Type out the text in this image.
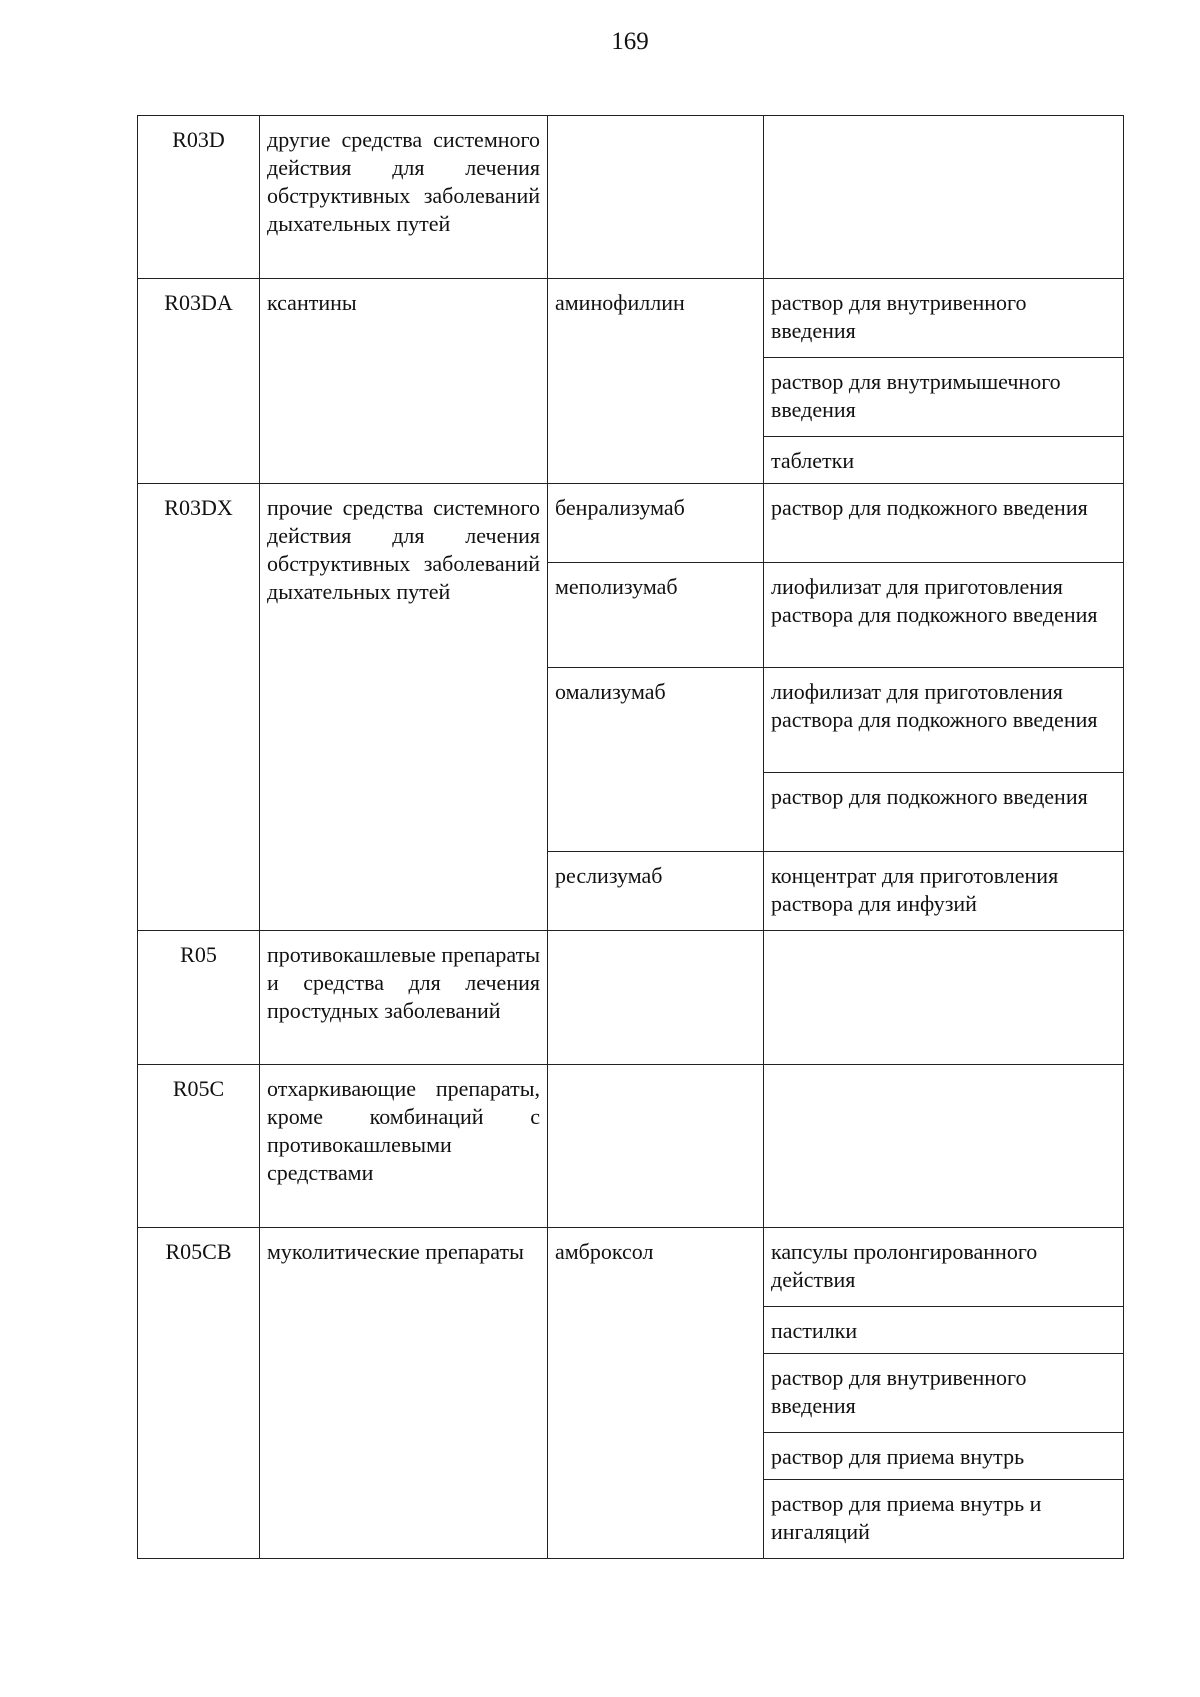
169
R03D	другие средства системного действия для лечения обструктивных заболеваний дыхательных путей		
R03DA	ксантины	аминофиллин	раствор для внутривенного введения
			раствор для внутримышечного введения
			таблетки
R03DX	прочие средства системного действия для лечения обструктивных заболеваний дыхательных путей	бенрализумаб	раствор для подкожного введения
		меполизумаб	лиофилизат для приготовления раствора для подкожного введения
		омализумаб	лиофилизат для приготовления раствора для подкожного введения
			раствор для подкожного введения
		реслизумаб	концентрат для приготовления раствора для инфузий
R05	противокашлевые препараты и средства для лечения простудных заболеваний		
R05C	отхаркивающие препараты, кроме комбинаций с противокашлевыми средствами		
R05CB	муколитические препараты	амброксол	капсулы пролонгированного действия
			пастилки
			раствор для внутривенного введения
			раствор для приема внутрь
			раствор для приема внутрь и ингаляций
